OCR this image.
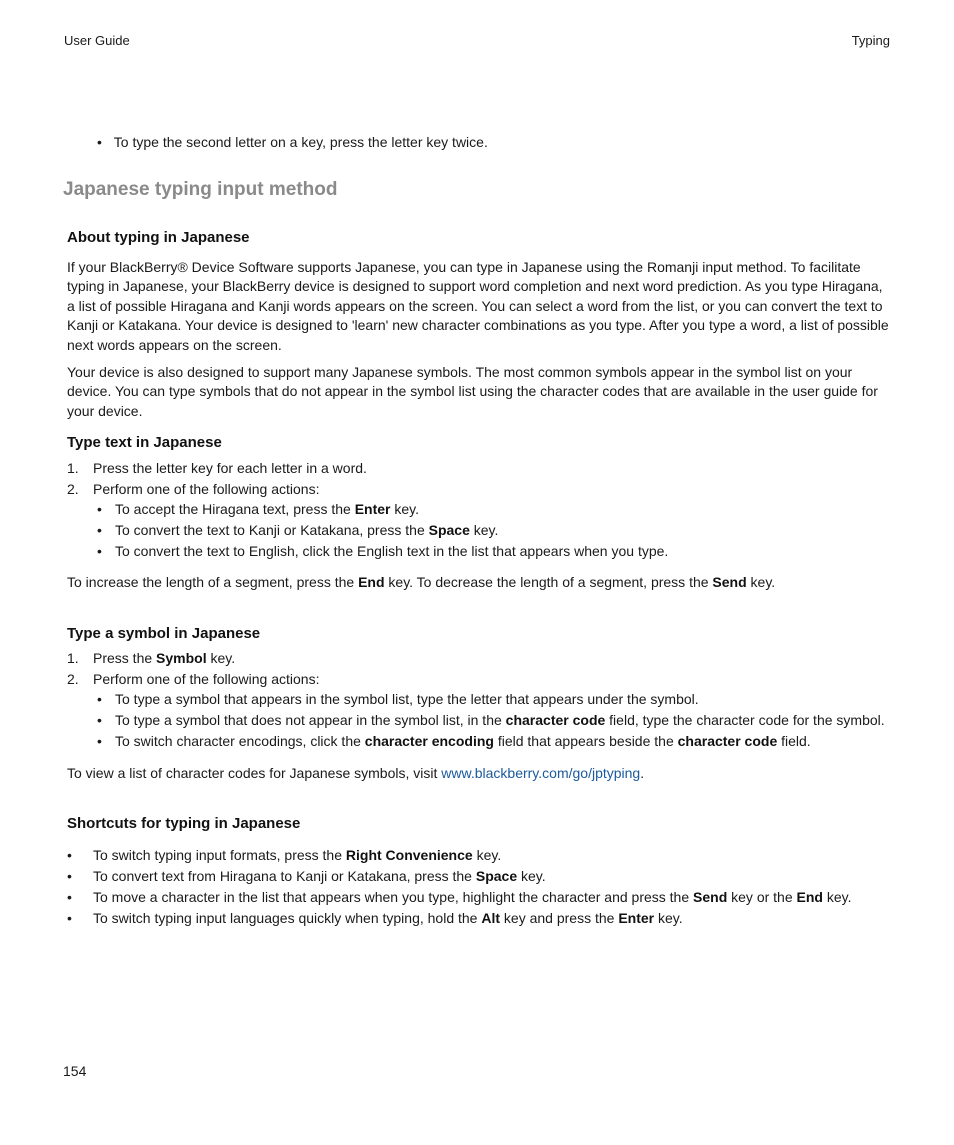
User Guide	Typing
• To type the second letter on a key, press the letter key twice.
Japanese typing input method
About typing in Japanese

If your BlackBerry® Device Software supports Japanese, you can type in Japanese using the Romanji input method. To facilitate typing in Japanese, your BlackBerry device is designed to support word completion and next word prediction. As you type Hiragana, a list of possible Hiragana and Kanji words appears on the screen. You can select a word from the list, or you can convert the text to Kanji or Katakana. Your device is designed to 'learn' new character combinations as you type. After you type a word, a list of possible next words appears on the screen.

Your device is also designed to support many Japanese symbols. The most common symbols appear in the symbol list on your device. You can type symbols that do not appear in the symbol list using the character codes that are available in the user guide for your device.

Type text in Japanese
1. Press the letter key for each letter in a word.
2. Perform one of the following actions:
• To accept the Hiragana text, press the Enter key.
• To convert the text to Kanji or Katakana, press the Space key.
• To convert the text to English, click the English text in the list that appears when you type.

To increase the length of a segment, press the End key. To decrease the length of a segment, press the Send key.

Type a symbol in Japanese
1. Press the Symbol key.
2. Perform one of the following actions:
• To type a symbol that appears in the symbol list, type the letter that appears under the symbol.
• To type a symbol that does not appear in the symbol list, in the character code field, type the character code for the symbol.
• To switch character encodings, click the character encoding field that appears beside the character code field.

To view a list of character codes for Japanese symbols, visit www.blackberry.com/go/jptyping.

Shortcuts for typing in Japanese
• To switch typing input formats, press the Right Convenience key.
• To convert text from Hiragana to Kanji or Katakana, press the Space key.
• To move a character in the list that appears when you type, highlight the character and press the Send key or the End key.
• To switch typing input languages quickly when typing, hold the Alt key and press the Enter key.
154
